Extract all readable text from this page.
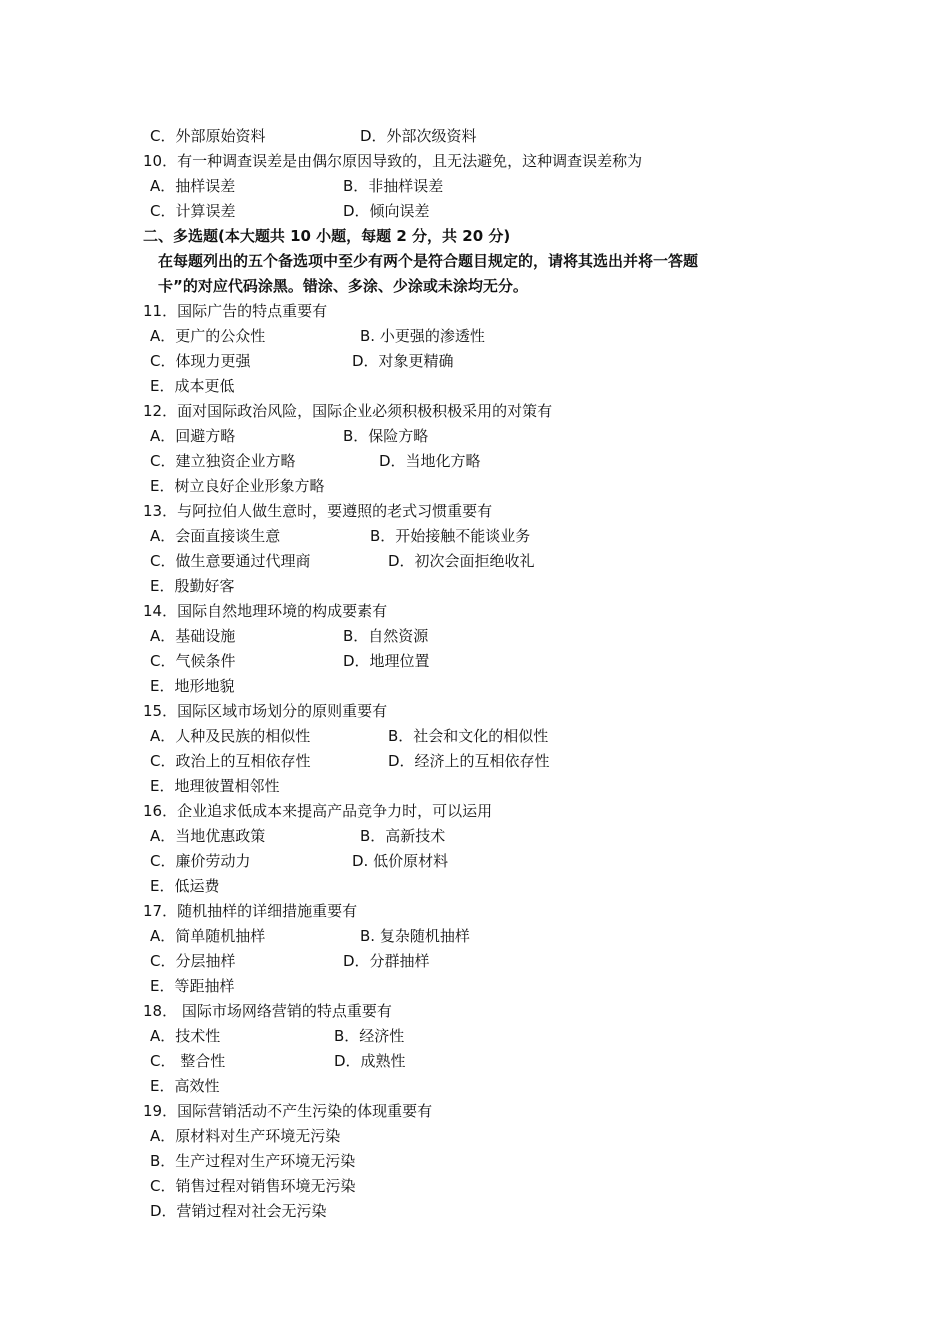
C．外部原始资料	D．外部次级资料
10．有一种调查误差是由偶尔原因导致的，且无法避免，这种调查误差称为
A．抽样误差	B．非抽样误差
C．计算误差	D．倾向误差
二、多选题(本大题共 10 小题，每题 2 分，共 20 分)
在每题列出的五个备选项中至少有两个是符合题目规定的，请将其选出并将一答题
卡”的对应代码涂黑。错涂、多涂、少涂或未涂均无分。
11．国际广告的特点重要有
A．更广的公众性	B. 小更强的渗透性
C．体现力更强	D．对象更精确
E．成本更低
12．面对国际政治风险，国际企业必须积极积极采用的对策有
A．回避方略	B．保险方略
C．建立独资企业方略	D．当地化方略
E．树立良好企业形象方略
13．与阿拉伯人做生意时，要遵照的老式习惯重要有
A．会面直接谈生意	B．开始接触不能谈业务
C．做生意要通过代理商	D．初次会面拒绝收礼
E．殷勤好客
14．国际自然地理环境的构成要素有
A．基础设施	B．自然资源
C．气候条件	D．地理位置
E．地形地貌
15．国际区域市场划分的原则重要有
A．人种及民族的相似性	B．社会和文化的相似性
C．政治上的互相依存性	D．经济上的互相依存性
E．地理彼置相邻性
16．企业追求低成本来提高产品竞争力时，可以运用
A．当地优惠政策	B．高新技术
C．廉价劳动力	D. 低价原材料
E．低运费
17．随机抽样的详细措施重要有
A．简单随机抽样	B. 复杂随机抽样
C．分层抽样	D．分群抽样
E．等距抽样
18． 国际市场网络营销的特点重要有
A．技术性	B．经济性
C． 整合性	D．成熟性
E．高效性
19．国际营销活动不产生污染的体现重要有
A．原材料对生产环境无污染
B．生产过程对生产环境无污染
C．销售过程对销售环境无污染
D．营销过程对社会无污染
